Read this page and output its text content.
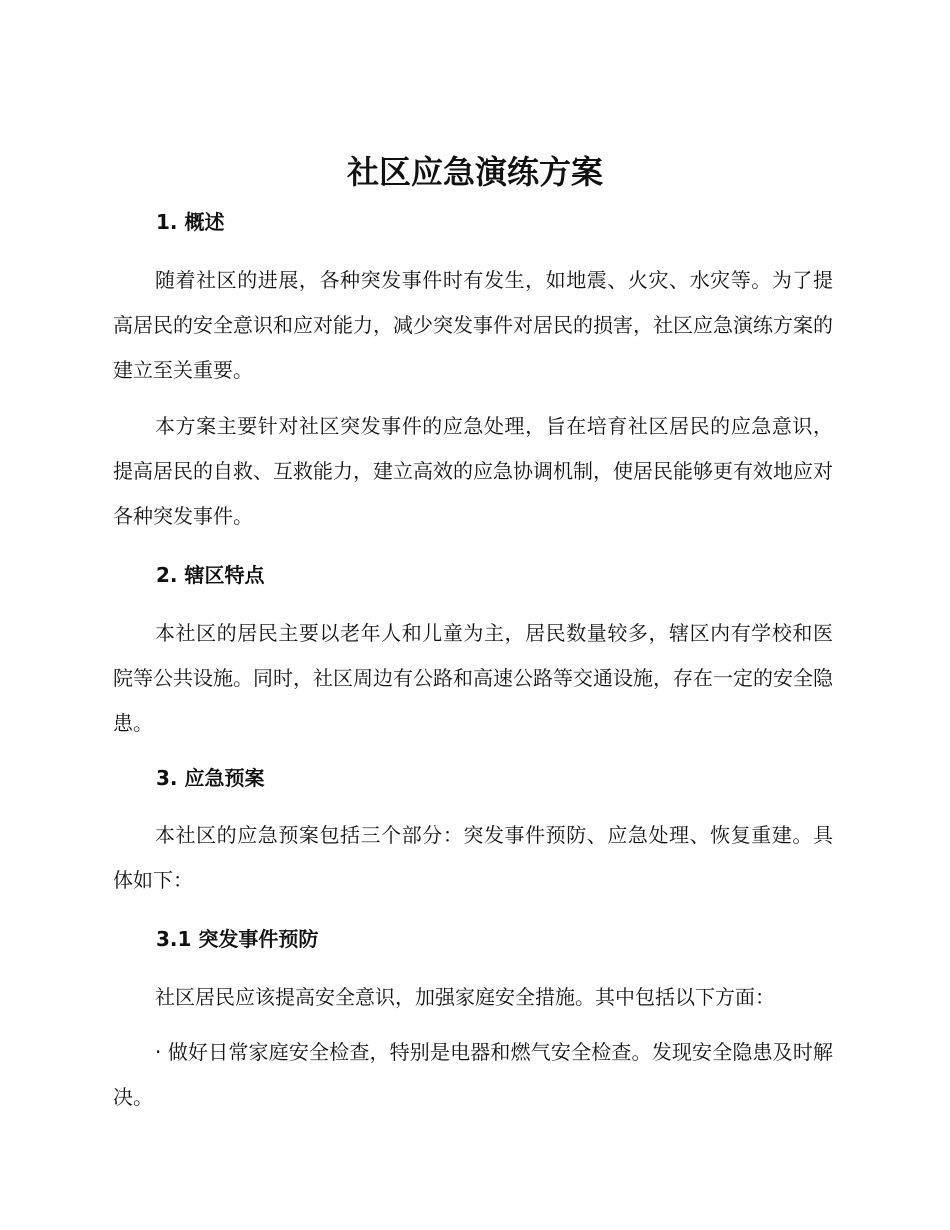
社区应急演练方案
1. 概述

随着社区的进展，各种突发事件时有发生，如地震、火灾、水灾等。为了提高居民的安全意识和应对能力，减少突发事件对居民的损害，社区应急演练方案的建立至关重要。

本方案主要针对社区突发事件的应急处理，旨在培育社区居民的应急意识，提高居民的自救、互救能力，建立高效的应急协调机制，使居民能够更有效地应对各种突发事件。

2. 辖区特点

本社区的居民主要以老年人和儿童为主，居民数量较多，辖区内有学校和医院等公共设施。同时，社区周边有公路和高速公路等交通设施，存在一定的安全隐患。

3. 应急预案

本社区的应急预案包括三个部分：突发事件预防、应急处理、恢复重建。具体如下：

3.1 突发事件预防

社区居民应该提高安全意识，加强家庭安全措施。其中包括以下方面：

· 做好日常家庭安全检查，特别是电器和燃气安全检查。发现安全隐患及时解决。
